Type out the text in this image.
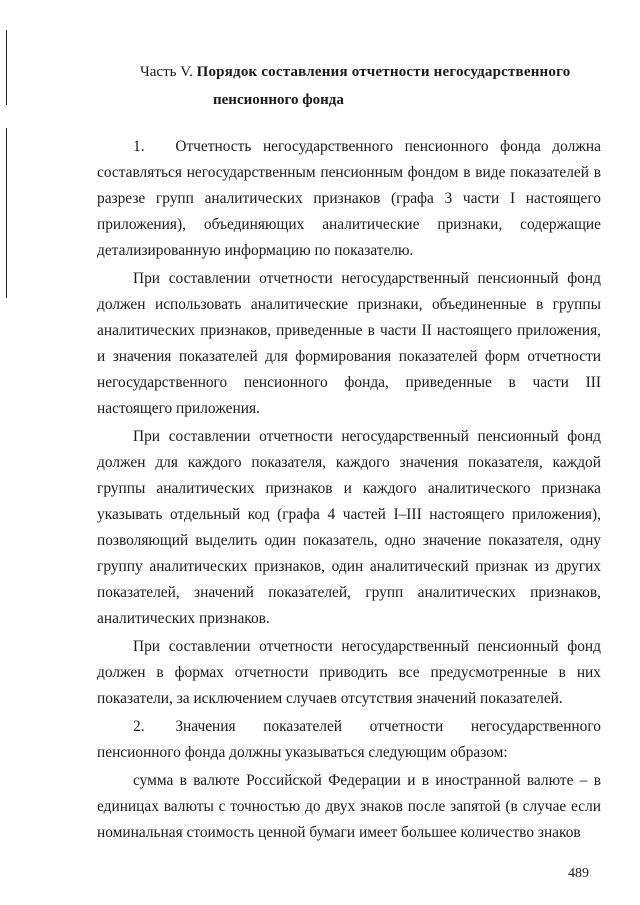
Часть V. Порядок составления отчетности негосударственного
пенсионного фонда

1.  Отчетность негосударственного пенсионного фонда должна составляться негосударственным пенсионным фондом в виде показателей в разрезе групп аналитических признаков (графа 3 части I настоящего приложения), объединяющих аналитические признаки, содержащие детализированную информацию по показателю.

При составлении отчетности негосударственный пенсионный фонд должен использовать аналитические признаки, объединенные в группы аналитических признаков, приведенные в части II настоящего приложения, и значения показателей для формирования показателей форм отчетности негосударственного пенсионного фонда, приведенные в части III настоящего приложения.

При составлении отчетности негосударственный пенсионный фонд должен для каждого показателя, каждого значения показателя, каждой группы аналитических признаков и каждого аналитического признака указывать отдельный код (графа 4 частей I–III настоящего приложения), позволяющий выделить один показатель, одно значение показателя, одну группу аналитических признаков, один аналитический признак из других показателей, значений показателей, групп аналитических признаков, аналитических признаков.

При составлении отчетности негосударственный пенсионный фонд должен в формах отчетности приводить все предусмотренные в них показатели, за исключением случаев отсутствия значений показателей.

2.  Значения показателей отчетности негосударственного пенсионного фонда должны указываться следующим образом:

сумма в валюте Российской Федерации и в иностранной валюте – в единицах валюты с точностью до двух знаков после запятой (в случае если номинальная стоимость ценной бумаги имеет большее количество знаков

489
